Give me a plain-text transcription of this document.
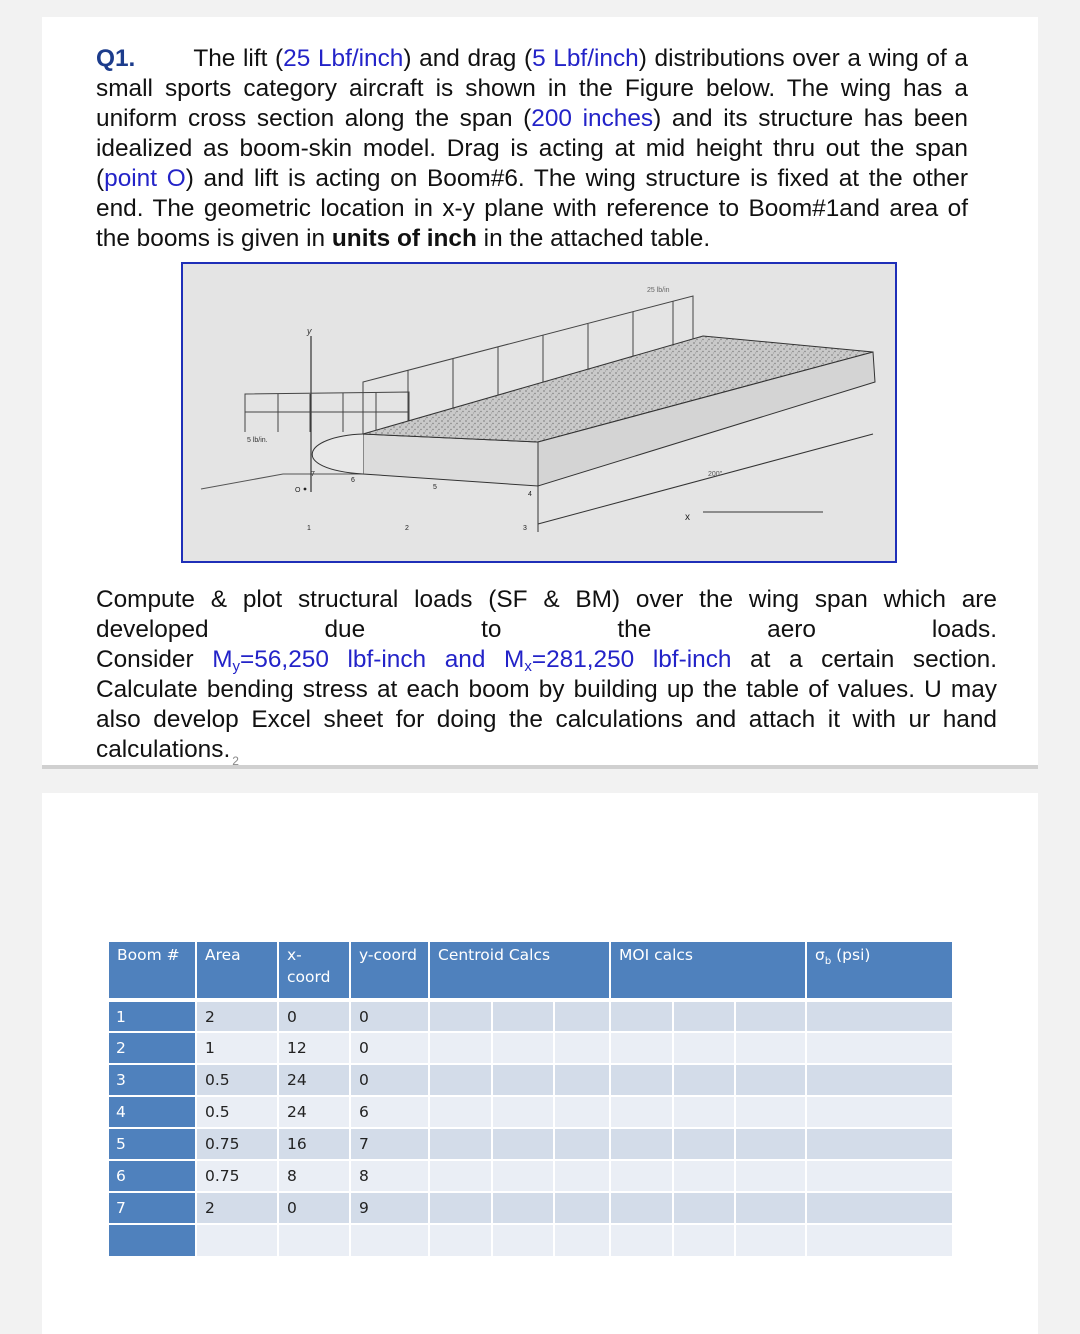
Q1. The lift (25 Lbf/inch) and drag (5 Lbf/inch) distributions over a wing of a small sports category aircraft is shown in the Figure below. The wing has a uniform cross section along the span (200 inches) and its structure has been idealized as boom-skin model. Drag is acting at mid height thru out the span (point O) and lift is acting on Boom#6. The wing structure is fixed at the other end. The geometric location in x-y plane with reference to Boom#1and area of the booms is given in units of inch in the attached table.
y
5 lb/in.
25 lb/in
x
200"
O
1	2	3
4
5
6
7

Compute & plot structural loads (SF & BM) over the wing span which are developed due to the aero loads.

Consider $M_y=56,250$ lbf-inch and $M_x=281,250$ lbf-inch at a certain section.

Calculate bending stress at each boom by building up the table of values. U may also develop Excel sheet for doing the calculations and attach it with ur hand calculations. $^2$

Boom #	Area	x-coord	y-coord	Centroid Calcs			MOI calcs			$\sigma_b$ (psi)
1	2	0	0							
2	1	12	0							
3	0.5	24	0							
4	0.5	24	6							
5	0.75	16	7							
6	0.75	8	8							
7	2	0	9							
